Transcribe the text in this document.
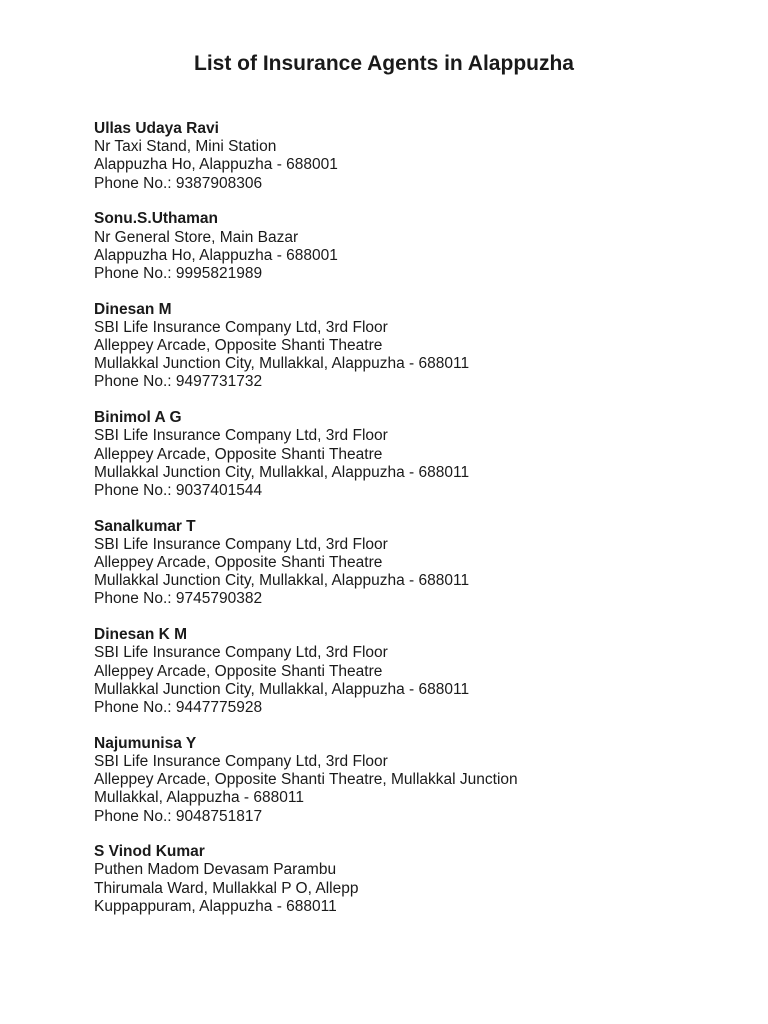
List of Insurance Agents in Alappuzha
Ullas Udaya Ravi
Nr Taxi Stand, Mini Station
Alappuzha Ho, Alappuzha - 688001
Phone No.: 9387908306
Sonu.S.Uthaman
Nr General Store, Main Bazar
Alappuzha Ho, Alappuzha - 688001
Phone No.: 9995821989
Dinesan M
SBI Life Insurance Company Ltd, 3rd Floor
Alleppey Arcade, Opposite Shanti Theatre
Mullakkal Junction City, Mullakkal, Alappuzha - 688011
Phone No.: 9497731732
Binimol A G
SBI Life Insurance Company Ltd, 3rd Floor
Alleppey Arcade, Opposite Shanti Theatre
Mullakkal Junction City, Mullakkal, Alappuzha - 688011
Phone No.: 9037401544
Sanalkumar T
SBI Life Insurance Company Ltd, 3rd Floor
Alleppey Arcade, Opposite Shanti Theatre
Mullakkal Junction City, Mullakkal, Alappuzha - 688011
Phone No.: 9745790382
Dinesan K M
SBI Life Insurance Company Ltd, 3rd Floor
Alleppey Arcade, Opposite Shanti Theatre
Mullakkal Junction City, Mullakkal, Alappuzha - 688011
Phone No.: 9447775928
Najumunisa Y
SBI Life Insurance Company Ltd, 3rd Floor
Alleppey Arcade, Opposite Shanti Theatre, Mullakkal Junction
Mullakkal, Alappuzha - 688011
Phone No.: 9048751817
S Vinod Kumar
Puthen Madom Devasam Parambu
Thirumala Ward, Mullakkal P O, Allepp
Kuppappuram, Alappuzha - 688011
